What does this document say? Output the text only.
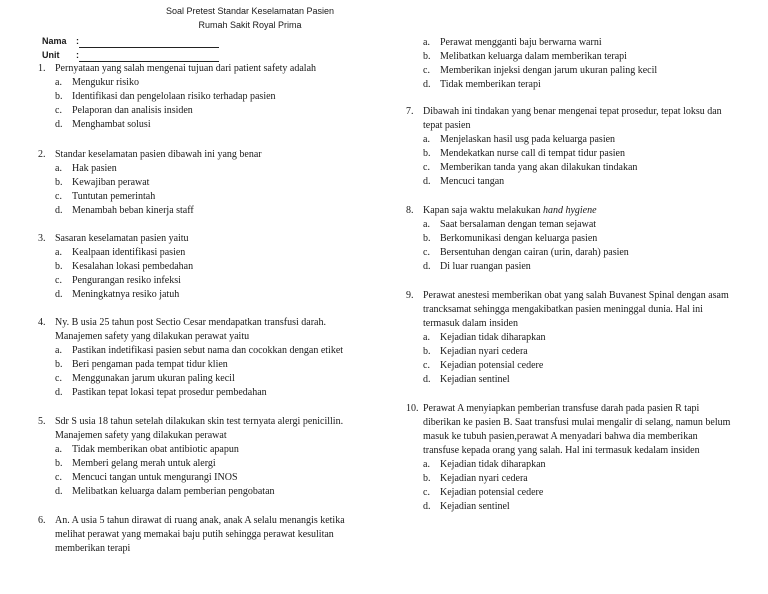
Soal Pretest Standar Keselamatan Pasien
Rumah Sakit Royal Prima
Nama :
Unit :
1. Pernyataan yang salah mengenai tujuan dari patient safety adalah
a. Mengukur risiko
b. Identifikasi dan pengelolaan risiko terhadap pasien
c. Pelaporan dan analisis insiden
d. Menghambat solusi
2. Standar keselamatan pasien dibawah ini yang benar
a. Hak pasien
b. Kewajiban perawat
c. Tuntutan pemerintah
d. Menambah beban kinerja staff
3. Sasaran keselamatan pasien yaitu
a. Kealpaan identifikasi pasien
b. Kesalahan lokasi pembedahan
c. Pengurangan resiko infeksi
d. Meningkatnya resiko jatuh
4. Ny. B usia 25 tahun post Sectio Cesar mendapatkan transfusi darah. Manajemen safety yang dilakukan perawat yaitu
a. Pastikan indetifikasi pasien sebut nama dan cocokkan dengan etiket
b. Beri pengaman pada tempat tidur klien
c. Menggunakan jarum ukuran paling kecil
d. Pastikan tepat lokasi tepat prosedur pembedahan
5. Sdr S usia 18 tahun setelah dilakukan skin test ternyata alergi penicillin. Manajemen safety yang dilakukan perawat
a. Tidak memberikan obat antibiotic apapun
b. Memberi gelang merah untuk alergi
c. Mencuci tangan untuk mengurangi INOS
d. Melibatkan keluarga dalam pemberian pengobatan
6. An. A usia 5 tahun dirawat di ruang anak, anak A selalu menangis ketika melihat perawat yang memakai baju putih sehingga perawat kesulitan memberikan terapi
a. Perawat mengganti baju berwarna warni
b. Melibatkan keluarga dalam memberikan terapi
c. Memberikan injeksi dengan jarum ukuran paling kecil
d. Tidak memberikan terapi
7. Dibawah ini tindakan yang benar mengenai tepat prosedur, tepat loksu dan tepat pasien
a. Menjelaskan hasil usg pada keluarga pasien
b. Mendekatkan nurse call di tempat tidur pasien
c. Memberikan tanda yang akan dilakukan tindakan
d. Mencuci tangan
8. Kapan saja waktu melakukan hand hygiene
a. Saat bersalaman dengan teman sejawat
b. Berkomunikasi dengan keluarga pasien
c. Bersentuhan dengan cairan (urin, darah) pasien
d. Di luar ruangan pasien
9. Perawat anestesi memberikan obat yang salah Buvanest Spinal dengan asam trancksamat sehingga mengakibatkan pasien meninggal dunia. Hal ini termasuk dalam insiden
a. Kejadian tidak diharapkan
b. Kejadian nyari cedera
c. Kejadian potensial cedere
d. Kejadian sentinel
10. Perawat A menyiapkan pemberian transfuse darah pada pasien R tapi diberikan ke pasien B. Saat transfusi mulai mengalir di selang, namun belum masuk ke tubuh pasien,perawat A menyadari bahwa dia memberikan transfuse kepada orang yang salah. Hal ini termasuk kedalam insiden
a. Kejadian tidak diharapkan
b. Kejadian nyari cedera
c. Kejadian potensial cedere
d. Kejadian sentinel
